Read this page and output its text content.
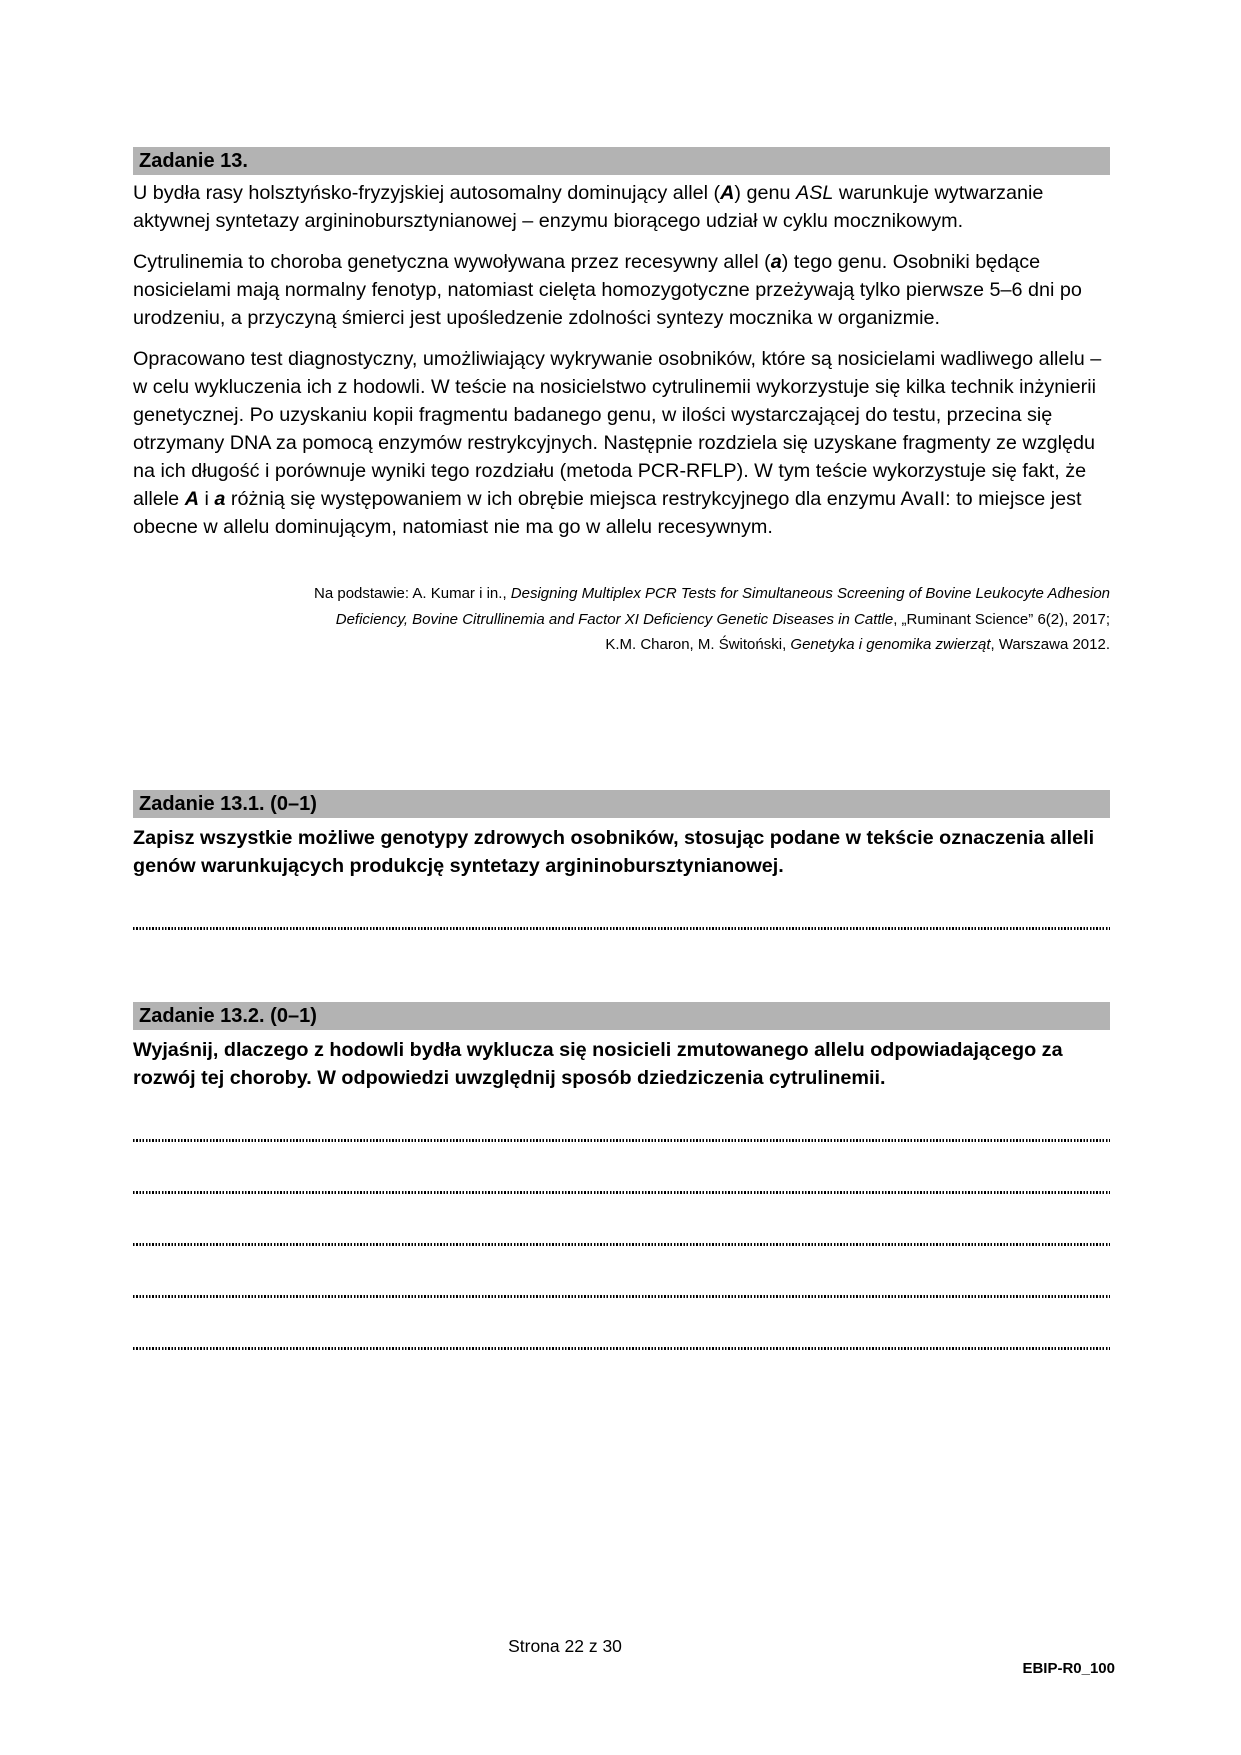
Zadanie 13.

U bydła rasy holsztyńsko-fryzyjskiej autosomalny dominujący allel (A) genu ASL warunkuje wytwarzanie aktywnej syntetazy argininobursztynianowej – enzymu biorącego udział w cyklu mocznikowym.

Cytrulinemia to choroba genetyczna wywoływana przez recesywny allel (a) tego genu. Osobniki będące nosicielami mają normalny fenotyp, natomiast cielęta homozygotyczne przeżywają tylko pierwsze 5–6 dni po urodzeniu, a przyczyną śmierci jest upośledzenie zdolności syntezy mocznika w organizmie.

Opracowano test diagnostyczny, umożliwiający wykrywanie osobników, które są nosicielami wadliwego allelu – w celu wykluczenia ich z hodowli. W teście na nosicielstwo cytrulinemii wykorzystuje się kilka technik inżynierii genetycznej. Po uzyskaniu kopii fragmentu badanego genu, w ilości wystarczającej do testu, przecina się otrzymany DNA za pomocą enzymów restrykcyjnych. Następnie rozdziela się uzyskane fragmenty ze względu na ich długość i porównuje wyniki tego rozdziału (metoda PCR-RFLP). W tym teście wykorzystuje się fakt, że allele A i a różnią się występowaniem w ich obrębie miejsca restrykcyjnego dla enzymu AvaII: to miejsce jest obecne w allelu dominującym, natomiast nie ma go w allelu recesywnym.

Na podstawie: A. Kumar i in., Designing Multiplex PCR Tests for Simultaneous Screening of Bovine Leukocyte Adhesion
Deficiency, Bovine Citrullinemia and Factor XI Deficiency Genetic Diseases in Cattle, „Ruminant Science” 6(2), 2017;
K.M. Charon, M. Świtoński, Genetyka i genomika zwierząt, Warszawa 2012.
Zadanie 13.1. (0–1)

Zapisz wszystkie możliwe genotypy zdrowych osobników, stosując podane w tekście oznaczenia alleli genów warunkujących produkcję syntetazy argininobursztynianowej.

Zadanie 13.2. (0–1)

Wyjaśnij, dlaczego z hodowli bydła wyklucza się nosicieli zmutowanego allelu odpowiadającego za rozwój tej choroby. W odpowiedzi uwzględnij sposób dziedziczenia cytrulinemii.

Strona 22 z 30
EBIP-R0_100
